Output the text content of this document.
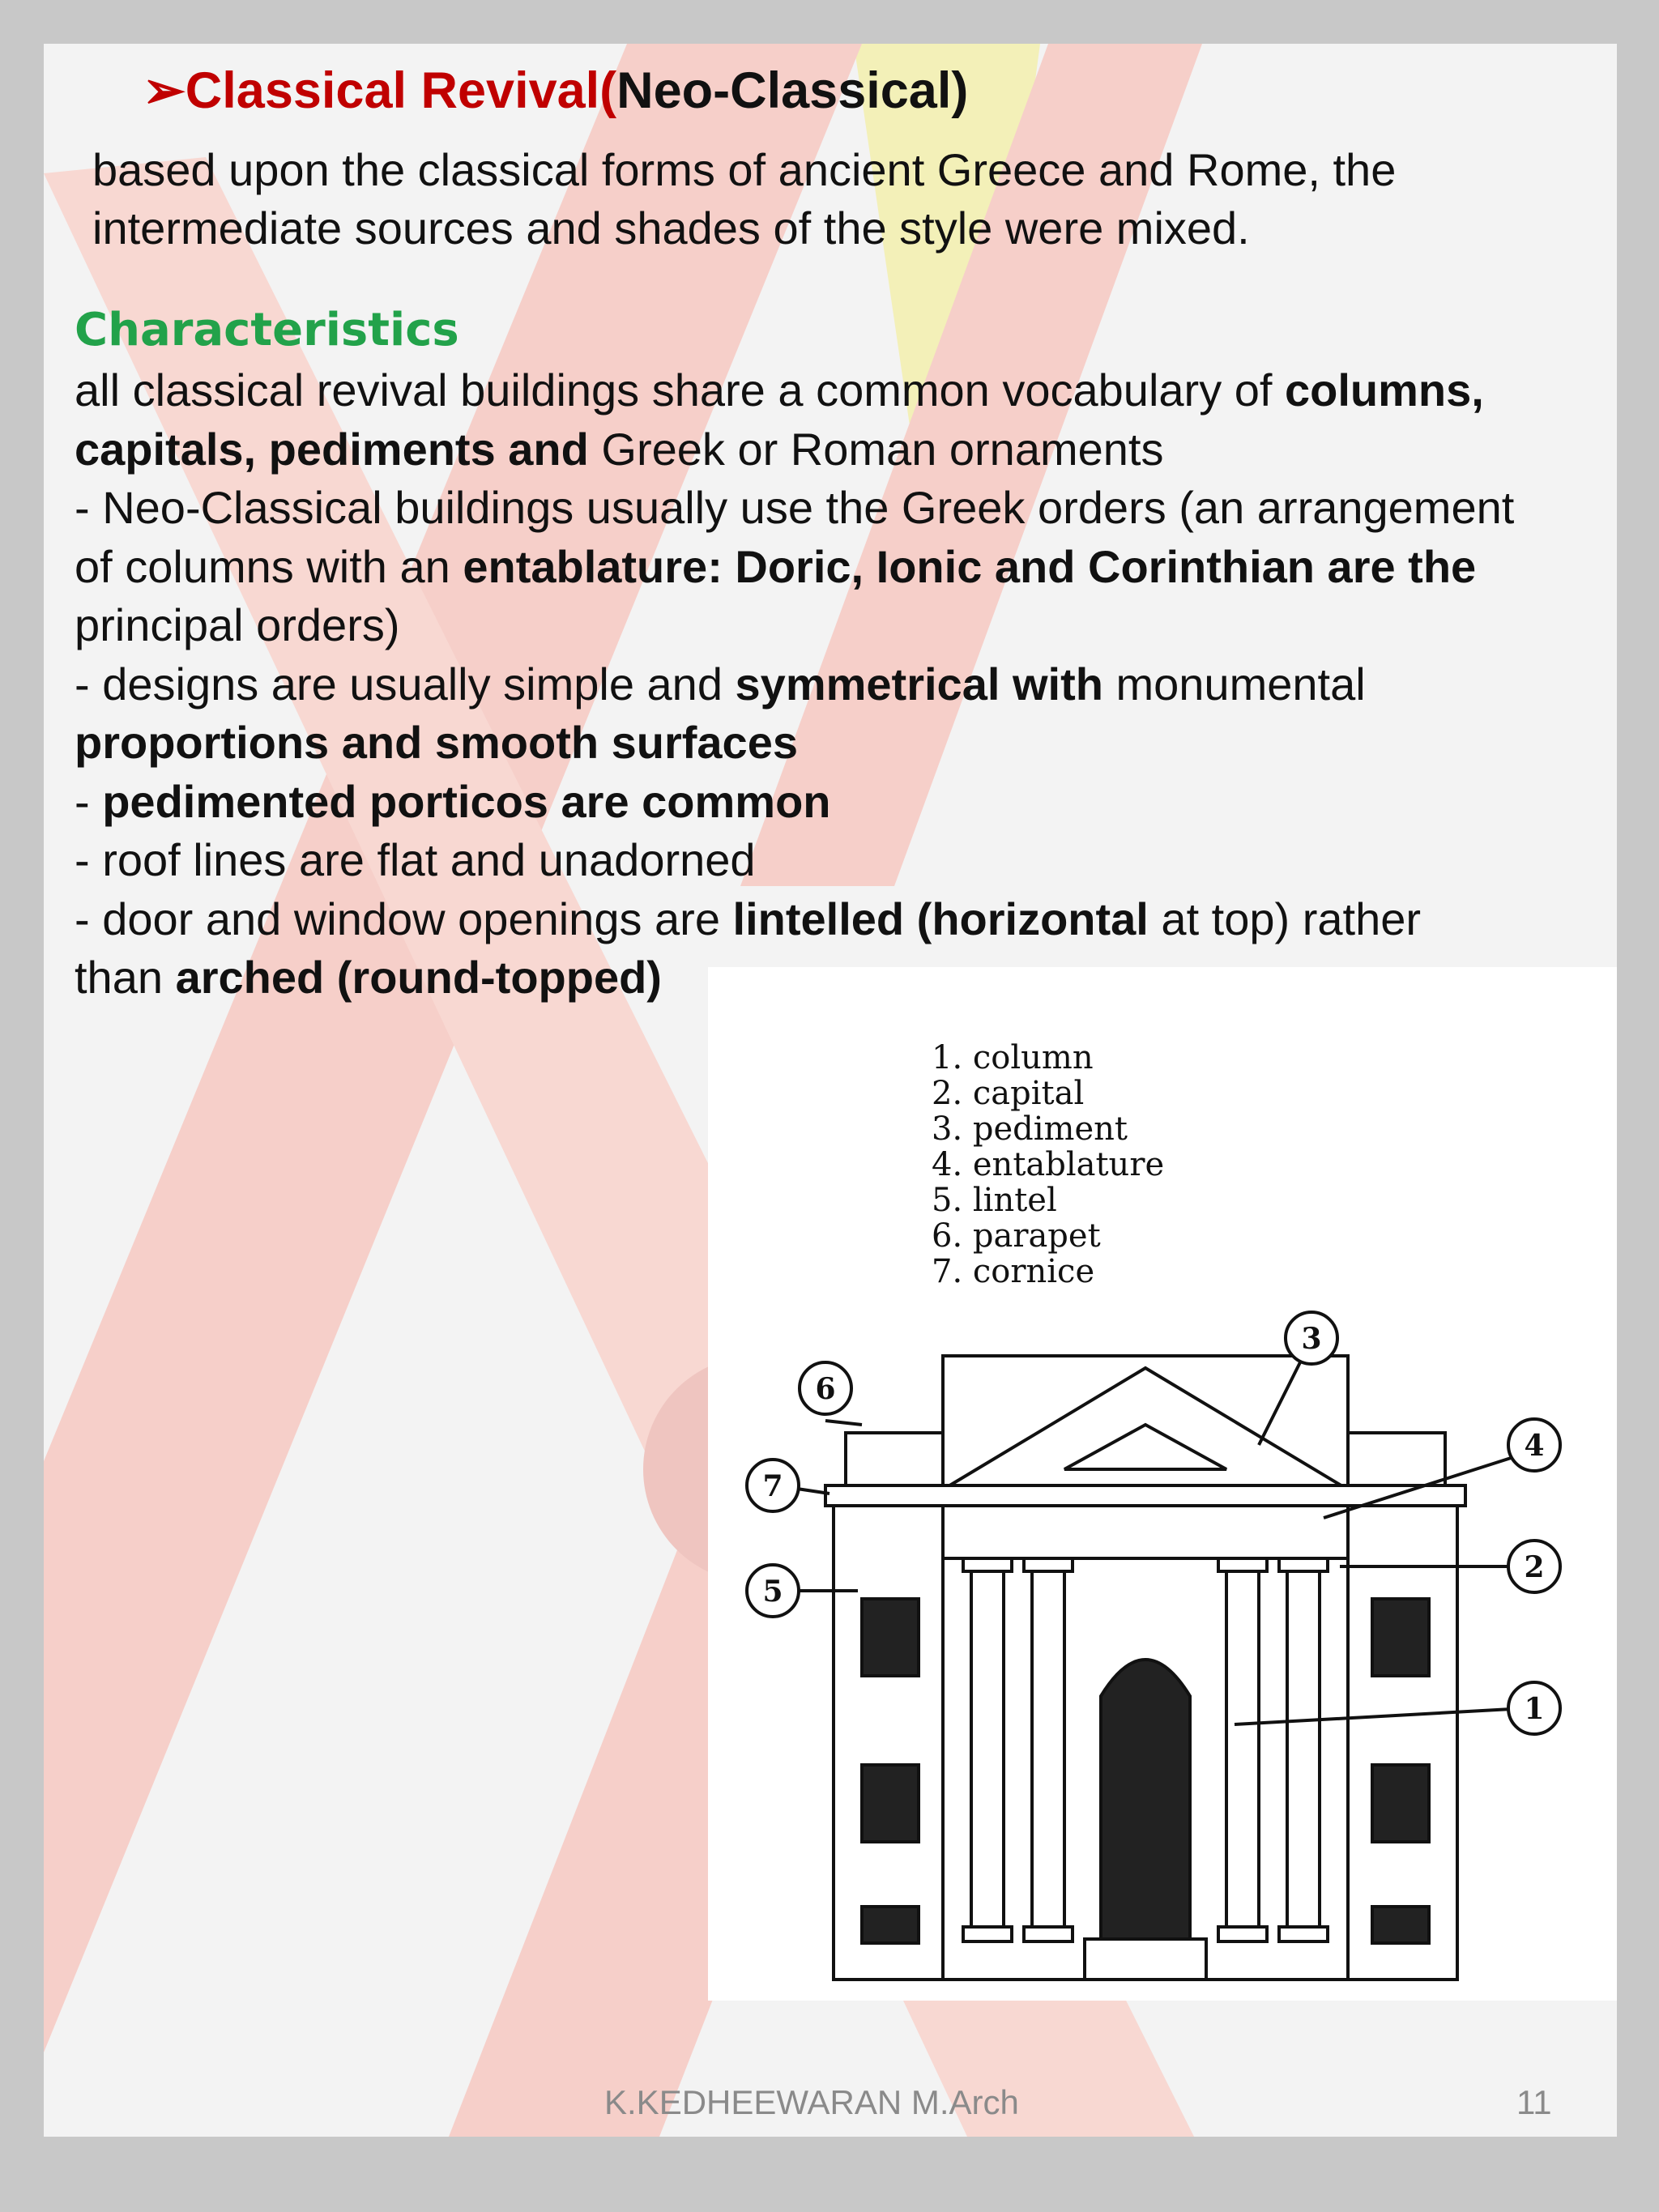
➢Classical Revival(Neo-Classical)
based upon the classical forms of ancient Greece and Rome, the intermediate sources and shades of the style were mixed.
Characteristics

all classical revival buildings share a common vocabulary of columns,

capitals, pediments and Greek or Roman ornaments

- Neo-Classical buildings usually use the Greek orders (an arrangement

of columns with an entablature: Doric, Ionic and Corinthian are the

principal orders)

- designs are usually simple and symmetrical with monumental

proportions and smooth surfaces

- pedimented porticos are common

- roof lines are flat and unadorned

- door and window openings are lintelled (horizontal at top) rather

than arched (round-topped)

1
2
3
4
5
6
7
1. column
2. capital
3. pediment
4. entablature
5. lintel
6. parapet
7. cornice
K.KEDHEEWARAN M.Arch	11
